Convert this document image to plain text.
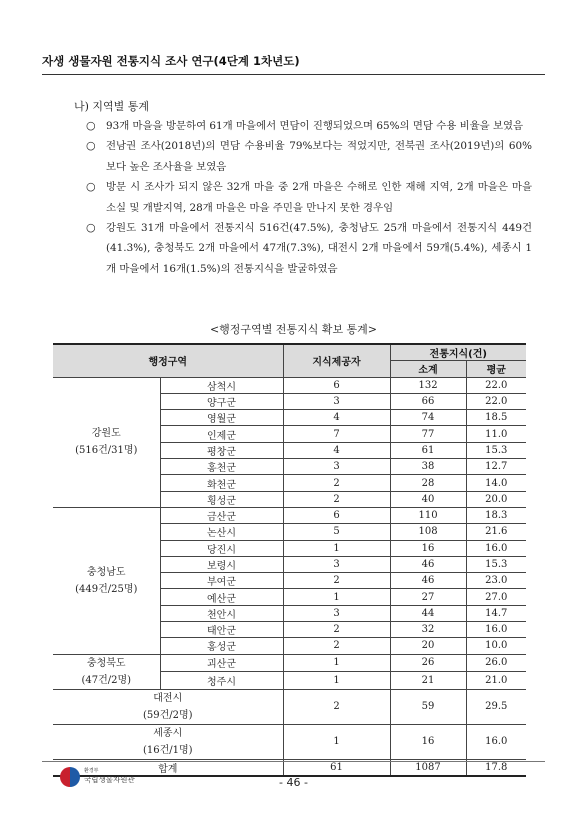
자생 생물자원 전통지식 조사 연구(4단계 1차년도)
나) 지역별 통계
○ 93개 마을을 방문하여 61개 마을에서 면담이 진행되었으며 65%의 면담 수용 비율을 보였음
○ 전남권 조사(2018년)의 면담 수용비율 79%보다는 적었지만, 전북권 조사(2019년)의 60%보다 높은 조사율을 보였음
○ 방문 시 조사가 되지 않은 32개 마을 중 2개 마을은 수해로 인한 재해 지역, 2개 마을은 마을 소실 및 개발지역, 28개 마을은 마을 주민을 만나지 못한 경우임
○ 강원도 31개 마을에서 전통지식 516건(47.5%), 충청남도 25개 마을에서 전통지식 449건(41.3%), 충청북도 2개 마을에서 47개(7.3%), 대전시 2개 마을에서 59개(5.4%), 세종시 1개 마을에서 16개(1.5%)의 전통지식을 발굴하였음
<행정구역별 전통지식 확보 통계>
행정구역		지식제공자	전통지식(건)	
			소계	평균
강원도
(516건/31명)	삼척시	6	132	22.0
	양구군	3	66	22.0
	영월군	4	74	18.5
	인제군	7	77	11.0
	평창군	4	61	15.3
	홍천군	3	38	12.7
	화천군	2	28	14.0
	횡성군	2	40	20.0
충청남도
(449건/25명)	금산군	6	110	18.3
	논산시	5	108	21.6
	당진시	1	16	16.0
	보령시	3	46	15.3
	부여군	2	46	23.0
	예산군	1	27	27.0
	천안시	3	44	14.7
	태안군	2	32	16.0
	홍성군	2	20	10.0
충청북도
(47건/2명)	괴산군	1	26	26.0
	청주시	1	21	21.0
대전시
(59건/2명)		2	59	29.5
세종시
(16건/1명)		1	16	16.0
합계		61	1087	17.8
환경부
국립생물자원관	- 46 -
